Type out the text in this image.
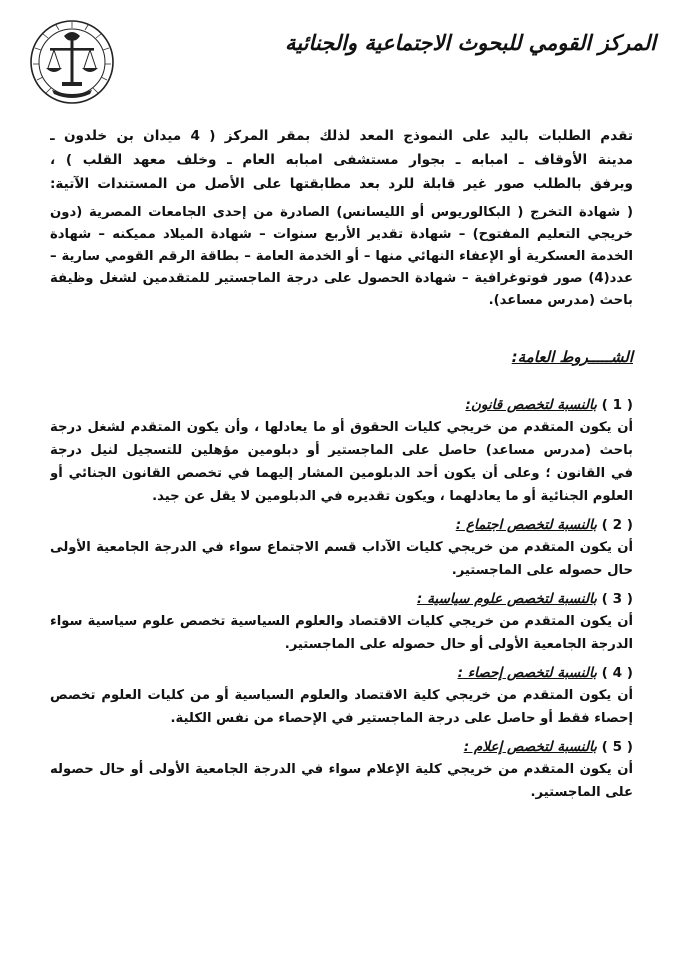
المركز القومي للبحوث الاجتماعية والجنائية
تقدم الطلبات باليد على النموذج المعد لذلك بمقر المركز ( 4 ميدان بن خلدون ـ
مدينة الأوقاف ـ امبابه ـ بجوار مستشفى امبابه العام ـ وخلف معهد القلب ) ،
ويرفق بالطلب صور غير قابلة للرد بعد مطابقتها على الأصل من المستندات الآتية:
( شهادة التخرج ( البكالوريوس أو الليسانس) الصادرة من إحدى الجامعات المصرية (دون
خريجي التعليم المفتوح) – شهادة تقدير الأربع سنوات – شهادة الميلاد مميكنه – شهادة
الخدمة العسكرية أو الإعفاء النهائي منها – أو الخدمة العامة – بطاقة الرقم القومي سارية –
عدد(4) صور فوتوغرافية – شهادة الحصول على درجة الماجستير للمتقدمين لشغل وظيفة
باحث (مدرس مساعد).
الشـــــروط العامة:
( 1 ) بالنسبة لتخصص قانون:
أن يكون المتقدم من خريجي كليات الحقوق أو ما يعادلها ، وأن يكون المتقدم لشغل درجة
باحث (مدرس مساعد) حاصل على الماجستير أو دبلومين مؤهلين للتسجيل لنيل درجة
في القانون ؛ وعلى أن يكون أحد الدبلومين المشار إليهما في تخصص القانون الجنائي أو
العلوم الجنائية أو ما يعادلهما ، ويكون تقديره في الدبلومين لا يقل عن جيد.
( 2 ) بالنسبة لتخصص اجتماع :
أن يكون المتقدم من خريجي كليات الآداب قسم الاجتماع سواء في الدرجة الجامعية الأولى
حال حصوله على الماجستير.
( 3 ) بالنسبة لتخصص علوم سياسية :
أن يكون المتقدم من خريجي كليات الاقتصاد والعلوم السياسية تخصص علوم سياسية سواء
الدرجة الجامعية الأولى أو حال حصوله على الماجستير.
( 4 ) بالنسبة لتخصص إحصاء :
أن يكون المتقدم من خريجي كلية الاقتصاد والعلوم السياسية أو من كليات العلوم تخصص
إحصاء فقط أو حاصل على درجة الماجستير في الإحصاء من نفس الكلية.
( 5 ) بالنسبة لتخصص إعلام :
أن يكون المتقدم من خريجي كلية الإعلام سواء في الدرجة الجامعية الأولى أو حال حصوله
على الماجستير.
